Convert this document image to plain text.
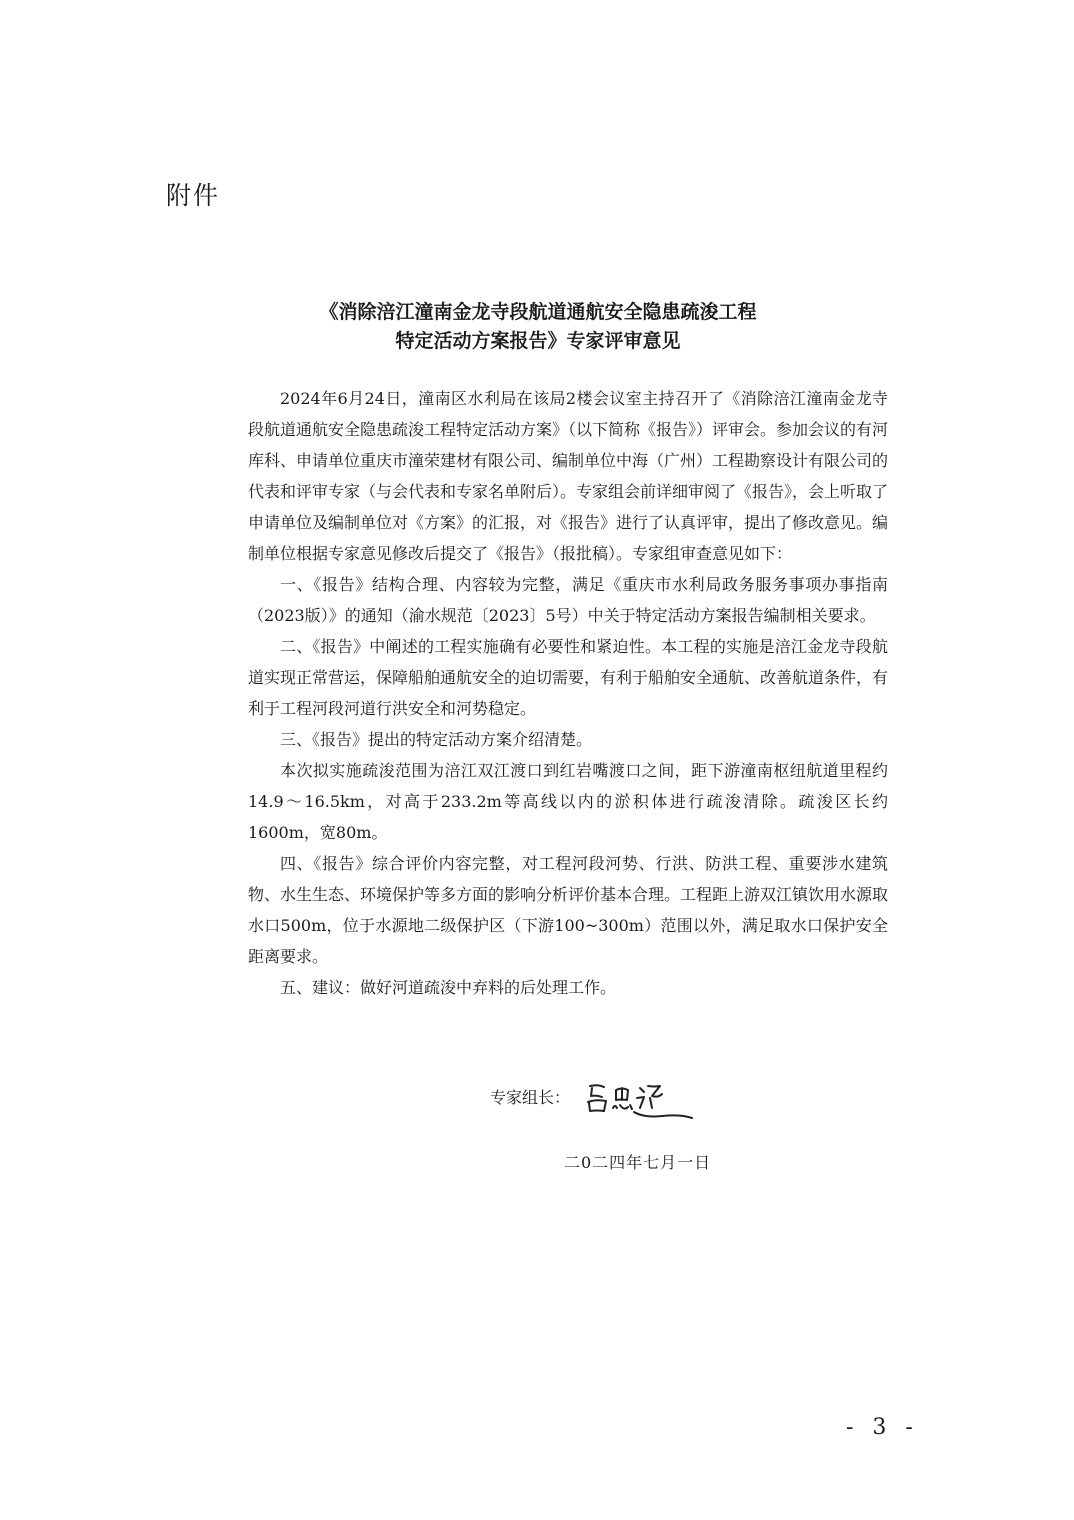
附件
《消除涪江潼南金龙寺段航道通航安全隐患疏浚工程
特定活动方案报告》专家评审意见

2024年6月24日，潼南区水利局在该局2楼会议室主持召开了《消除涪江潼南金龙寺段航道通航安全隐患疏浚工程特定活动方案》（以下简称《报告》）评审会。参加会议的有河库科、申请单位重庆市潼荣建材有限公司、编制单位中海（广州）工程勘察设计有限公司的代表和评审专家（与会代表和专家名单附后）。专家组会前详细审阅了《报告》，会上听取了申请单位及编制单位对《方案》的汇报，对《报告》进行了认真评审，提出了修改意见。编制单位根据专家意见修改后提交了《报告》（报批稿）。专家组审查意见如下：

一、《报告》结构合理、内容较为完整，满足《重庆市水利局政务服务事项办事指南（2023版）》的通知（渝水规范〔2023〕5号）中关于特定活动方案报告编制相关要求。

二、《报告》中阐述的工程实施确有必要性和紧迫性。本工程的实施是涪江金龙寺段航道实现正常营运，保障船舶通航安全的迫切需要，有利于船舶安全通航、改善航道条件，有利于工程河段河道行洪安全和河势稳定。

三、《报告》提出的特定活动方案介绍清楚。

本次拟实施疏浚范围为涪江双江渡口到红岩嘴渡口之间，距下游潼南枢纽航道里程约14.9～16.5km，对高于233.2m等高线以内的淤积体进行疏浚清除。疏浚区长约1600m，宽80m。

四、《报告》综合评价内容完整，对工程河段河势、行洪、防洪工程、重要涉水建筑物、水生生态、环境保护等多方面的影响分析评价基本合理。工程距上游双江镇饮用水源取水口500m，位于水源地二级保护区（下游100~300m）范围以外，满足取水口保护安全距离要求。

五、建议：做好河道疏浚中弃料的后处理工作。

专家组长：
二0二四年七月一日
- 3 -
